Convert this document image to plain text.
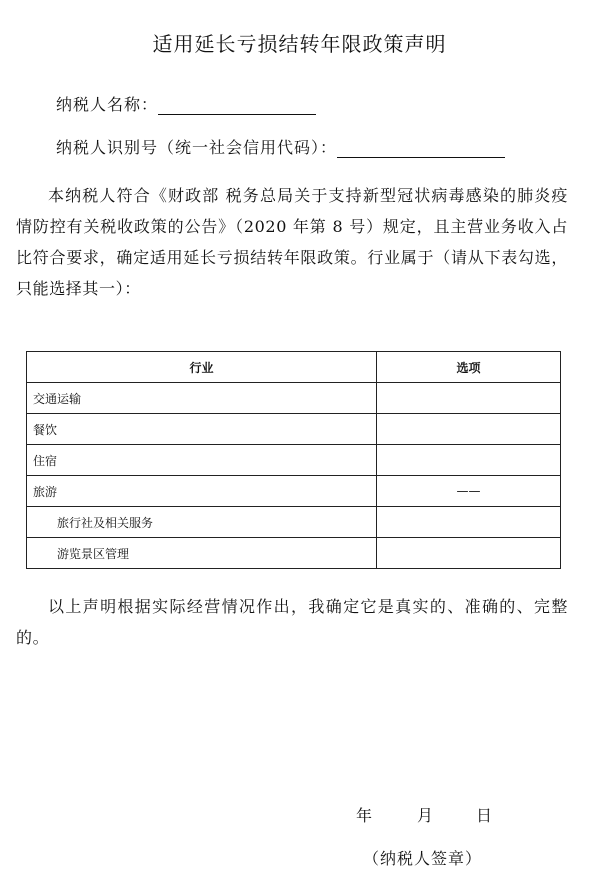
适用延长亏损结转年限政策声明
纳税人名称：
纳税人识别号（统一社会信用代码）：
本纳税人符合《财政部 税务总局关于支持新型冠状病毒感染的肺炎疫情防控有关税收政策的公告》（2020 年第 8 号）规定，且主营业务收入占比符合要求，确定适用延长亏损结转年限政策。行业属于（请从下表勾选，只能选择其一）：
行业	选项
交通运输	
餐饮	
住宿	
旅游	——
旅行社及相关服务	
游览景区管理	
以上声明根据实际经营情况作出，我确定它是真实的、准确的、完整的。
年	月	日
（纳税人签章）
